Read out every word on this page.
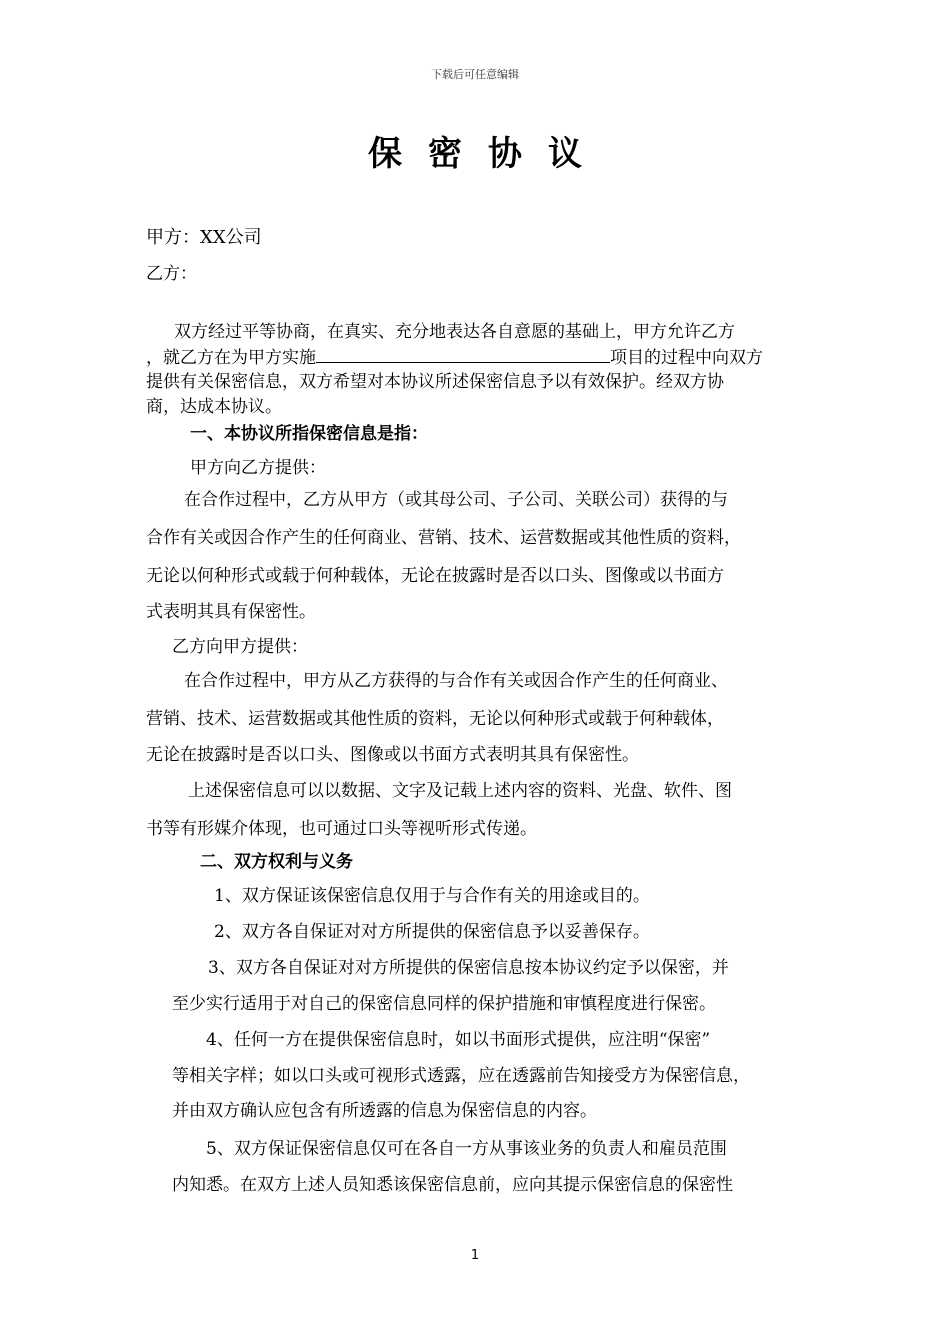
下载后可任意编辑
保密协议
甲方：XX公司
乙方：
双方经过平等协商，在真实、充分地表达各自意愿的基础上，甲方允许乙方
，就乙方在为甲方实施	项目的过程中向双方
提供有关保密信息，双方希望对本协议所述保密信息予以有效保护。经双方协
商，达成本协议。
一、本协议所指保密信息是指：
甲方向乙方提供：
在合作过程中，乙方从甲方（或其母公司、子公司、关联公司）获得的与
合作有关或因合作产生的任何商业、营销、技术、运营数据或其他性质的资料，
无论以何种形式或载于何种载体，无论在披露时是否以口头、图像或以书面方
式表明其具有保密性。
乙方向甲方提供：
在合作过程中，甲方从乙方获得的与合作有关或因合作产生的任何商业、
营销、技术、运营数据或其他性质的资料，无论以何种形式或载于何种载体，
无论在披露时是否以口头、图像或以书面方式表明其具有保密性。
上述保密信息可以以数据、文字及记载上述内容的资料、光盘、软件、图
书等有形媒介体现，也可通过口头等视听形式传递。
二、双方权利与义务
1、双方保证该保密信息仅用于与合作有关的用途或目的。
2、双方各自保证对对方所提供的保密信息予以妥善保存。
3、双方各自保证对对方所提供的保密信息按本协议约定予以保密，并
至少实行适用于对自己的保密信息同样的保护措施和审慎程度进行保密。
4、任何一方在提供保密信息时，如以书面形式提供，应注明“保密”
等相关字样；如以口头或可视形式透露，应在透露前告知接受方为保密信息，
并由双方确认应包含有所透露的信息为保密信息的内容。
5、双方保证保密信息仅可在各自一方从事该业务的负责人和雇员范围
内知悉。在双方上述人员知悉该保密信息前，应向其提示保密信息的保密性
1
